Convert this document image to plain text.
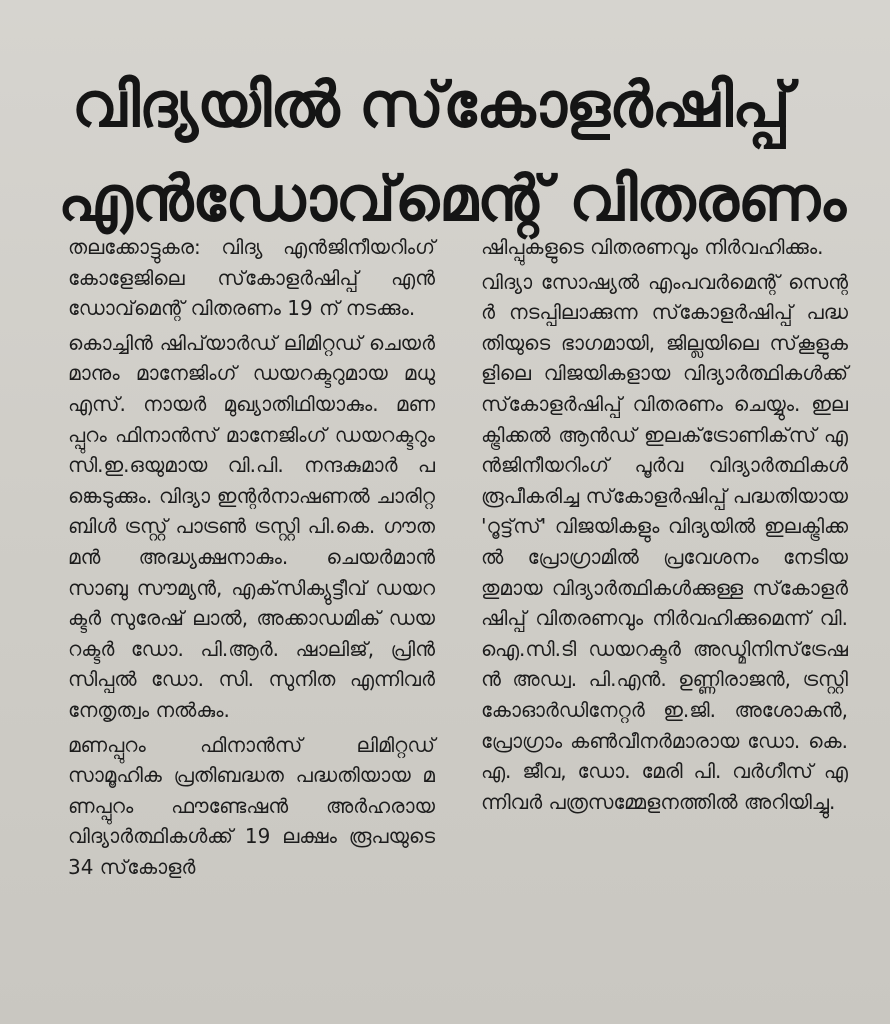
വിദ്യയിൽ സ്‌കോളർഷിപ്പ്
എൻഡോവ്‌മെന്റ് വിതരണം

തലക്കോട്ടുകര: വിദ്യ എൻജിനീയറിംഗ് കോളേജിലെ സ്‌കോളർഷിപ്പ് എൻഡോവ്‌മെന്റ് വിതരണം 19 ന് നടക്കും.

കൊച്ചിൻ ഷിപ്‌യാർഡ് ലിമിറ്റഡ് ചെയർമാനും മാനേജിംഗ് ഡയറക്ടറുമായ മധു എസ്. നായർ മുഖ്യാതിഥിയാകും. മണപ്പുറം ഫിനാൻസ് മാനേജിംഗ് ഡയറക്ടറും സി.ഇ.ഒയുമായ വി.പി. നന്ദകുമാർ പങ്കെടുക്കും. വിദ്യാ ഇന്റർനാഷണൽ ചാരിറ്റബിൾ ട്രസ്റ്റ് പാട്രൺ ട്രസ്റ്റി പി.കെ. ഗൗതമൻ അദ്ധ്യക്ഷനാകും. ചെയർമാൻ സാബു സൗമ്യൻ, എക്‌സിക്യുട്ടീവ് ഡയറക്ടർ സുരേഷ് ലാൽ, അക്കാഡമിക് ഡയറക്ടർ ഡോ. പി.ആർ. ഷാലിജ്, പ്രിൻസിപ്പൽ ഡോ. സി. സുനിത എന്നിവർ നേതൃത്വം നൽകും.

മണപ്പുറം ഫിനാൻസ് ലിമിറ്റഡ് സാമൂഹിക പ്രതിബദ്ധത പദ്ധതിയായ മണപ്പുറം ഫൗണ്ടേഷൻ അർഹരായ വിദ്യാർത്ഥികൾക്ക് 19 ലക്ഷം രൂപയുടെ 34 സ്‌കോളർ

ഷിപ്പുകളുടെ വിതരണവും നിർവഹിക്കും.

വിദ്യാ സോഷ്യൽ എംപവർമെന്റ് സെന്റർ നടപ്പിലാക്കുന്ന സ്‌കോളർഷിപ്പ് പദ്ധതിയുടെ ഭാഗമായി, ജില്ലയിലെ സ്‌കൂളുകളിലെ വിജയികളായ വിദ്യാർത്ഥികൾക്ക് സ്‌കോളർഷിപ്പ് വിതരണം ചെയ്യും. ഇലക്ട്രിക്കൽ ആൻഡ് ഇലക്‌ട്രോണിക്‌സ് എൻജിനീയറിംഗ് പൂർവ വിദ്യാർത്ഥികൾ രൂപീകരിച്ച സ്‌കോളർഷിപ്പ് പദ്ധതിയായ 'റൂട്ട്‌സ്' വിജയികളും വിദ്യയിൽ ഇലക്ട്രിക്കൽ പ്രോഗ്രാമിൽ പ്രവേശനം നേടിയതുമായ വിദ്യാർത്ഥികൾക്കുള്ള സ്‌കോളർഷിപ്പ് വിതരണവും നിർവഹിക്കുമെന്ന് വി.ഐ.സി.ടി ഡയറക്ടർ അഡ്മിനിസ്‌ട്രേഷൻ അഡ്വ. പി.എൻ. ഉണ്ണിരാജൻ, ട്രസ്റ്റി കോഓർഡിനേറ്റർ ഇ.ജി. അശോകൻ, പ്രോഗ്രാം കൺവീനർമാരായ ഡോ. കെ.എ. ജീവ, ഡോ. മേരി പി. വർഗീസ് എന്നിവർ പത്രസമ്മേളനത്തിൽ അറിയിച്ചു.
